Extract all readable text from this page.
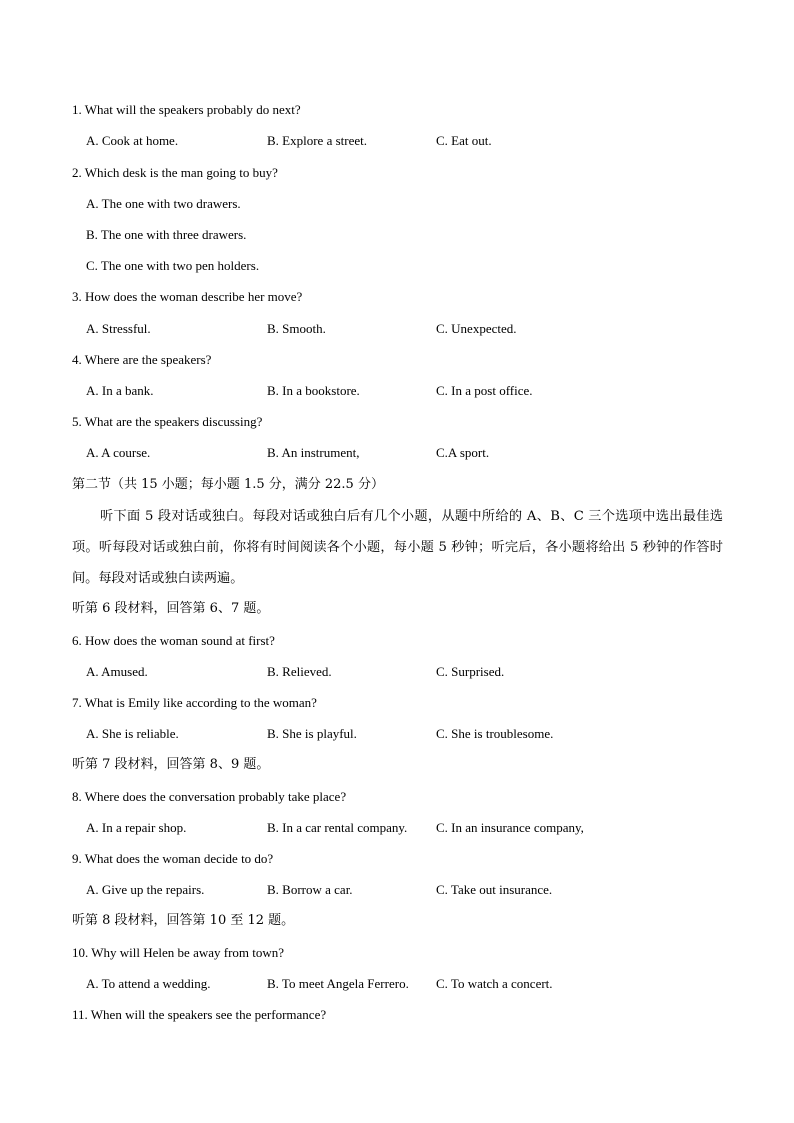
1. What will the speakers probably do next?
A. Cook at home.	B. Explore a street.	C. Eat out.
2. Which desk is the man going to buy?
A. The one with two drawers.
B. The one with three drawers.
C. The one with two pen holders.
3. How does the woman describe her move?
A. Stressful.	B. Smooth.	C. Unexpected.
4. Where are the speakers?
A. In a bank.	B. In a bookstore.	C. In a post office.
5. What are the speakers discussing?
A. A course.	B. An instrument,	C.A sport.
第二节（共 15 小题；每小题 1.5 分，满分 22.5 分）
听下面 5 段对话或独白。每段对话或独白后有几个小题，从题中所给的 A、B、C 三个选项中选出最佳选项。听每段对话或独白前，你将有时间阅读各个小题，每小题 5 秒钟；听完后，各小题将给出 5 秒钟的作答时间。每段对话或独白读两遍。
听第 6 段材料，回答第 6、7 题。
6. How does the woman sound at first?
A. Amused.	B. Relieved.	C. Surprised.
7. What is Emily like according to the woman?
A. She is reliable.	B. She is playful.	C. She is troublesome.
听第 7 段材料，回答第 8、9 题。
8. Where does the conversation probably take place?
A. In a repair shop.	B. In a car rental company. C. In an insurance company,
9. What does the woman decide to do?
A. Give up the repairs.	B. Borrow a car.	C. Take out insurance.
听第 8 段材料，回答第 10 至 12 题。
10. Why will Helen be away from town?
A. To attend a wedding.	B. To meet Angela Ferrero. C. To watch a concert.
11. When will the speakers see the performance?
